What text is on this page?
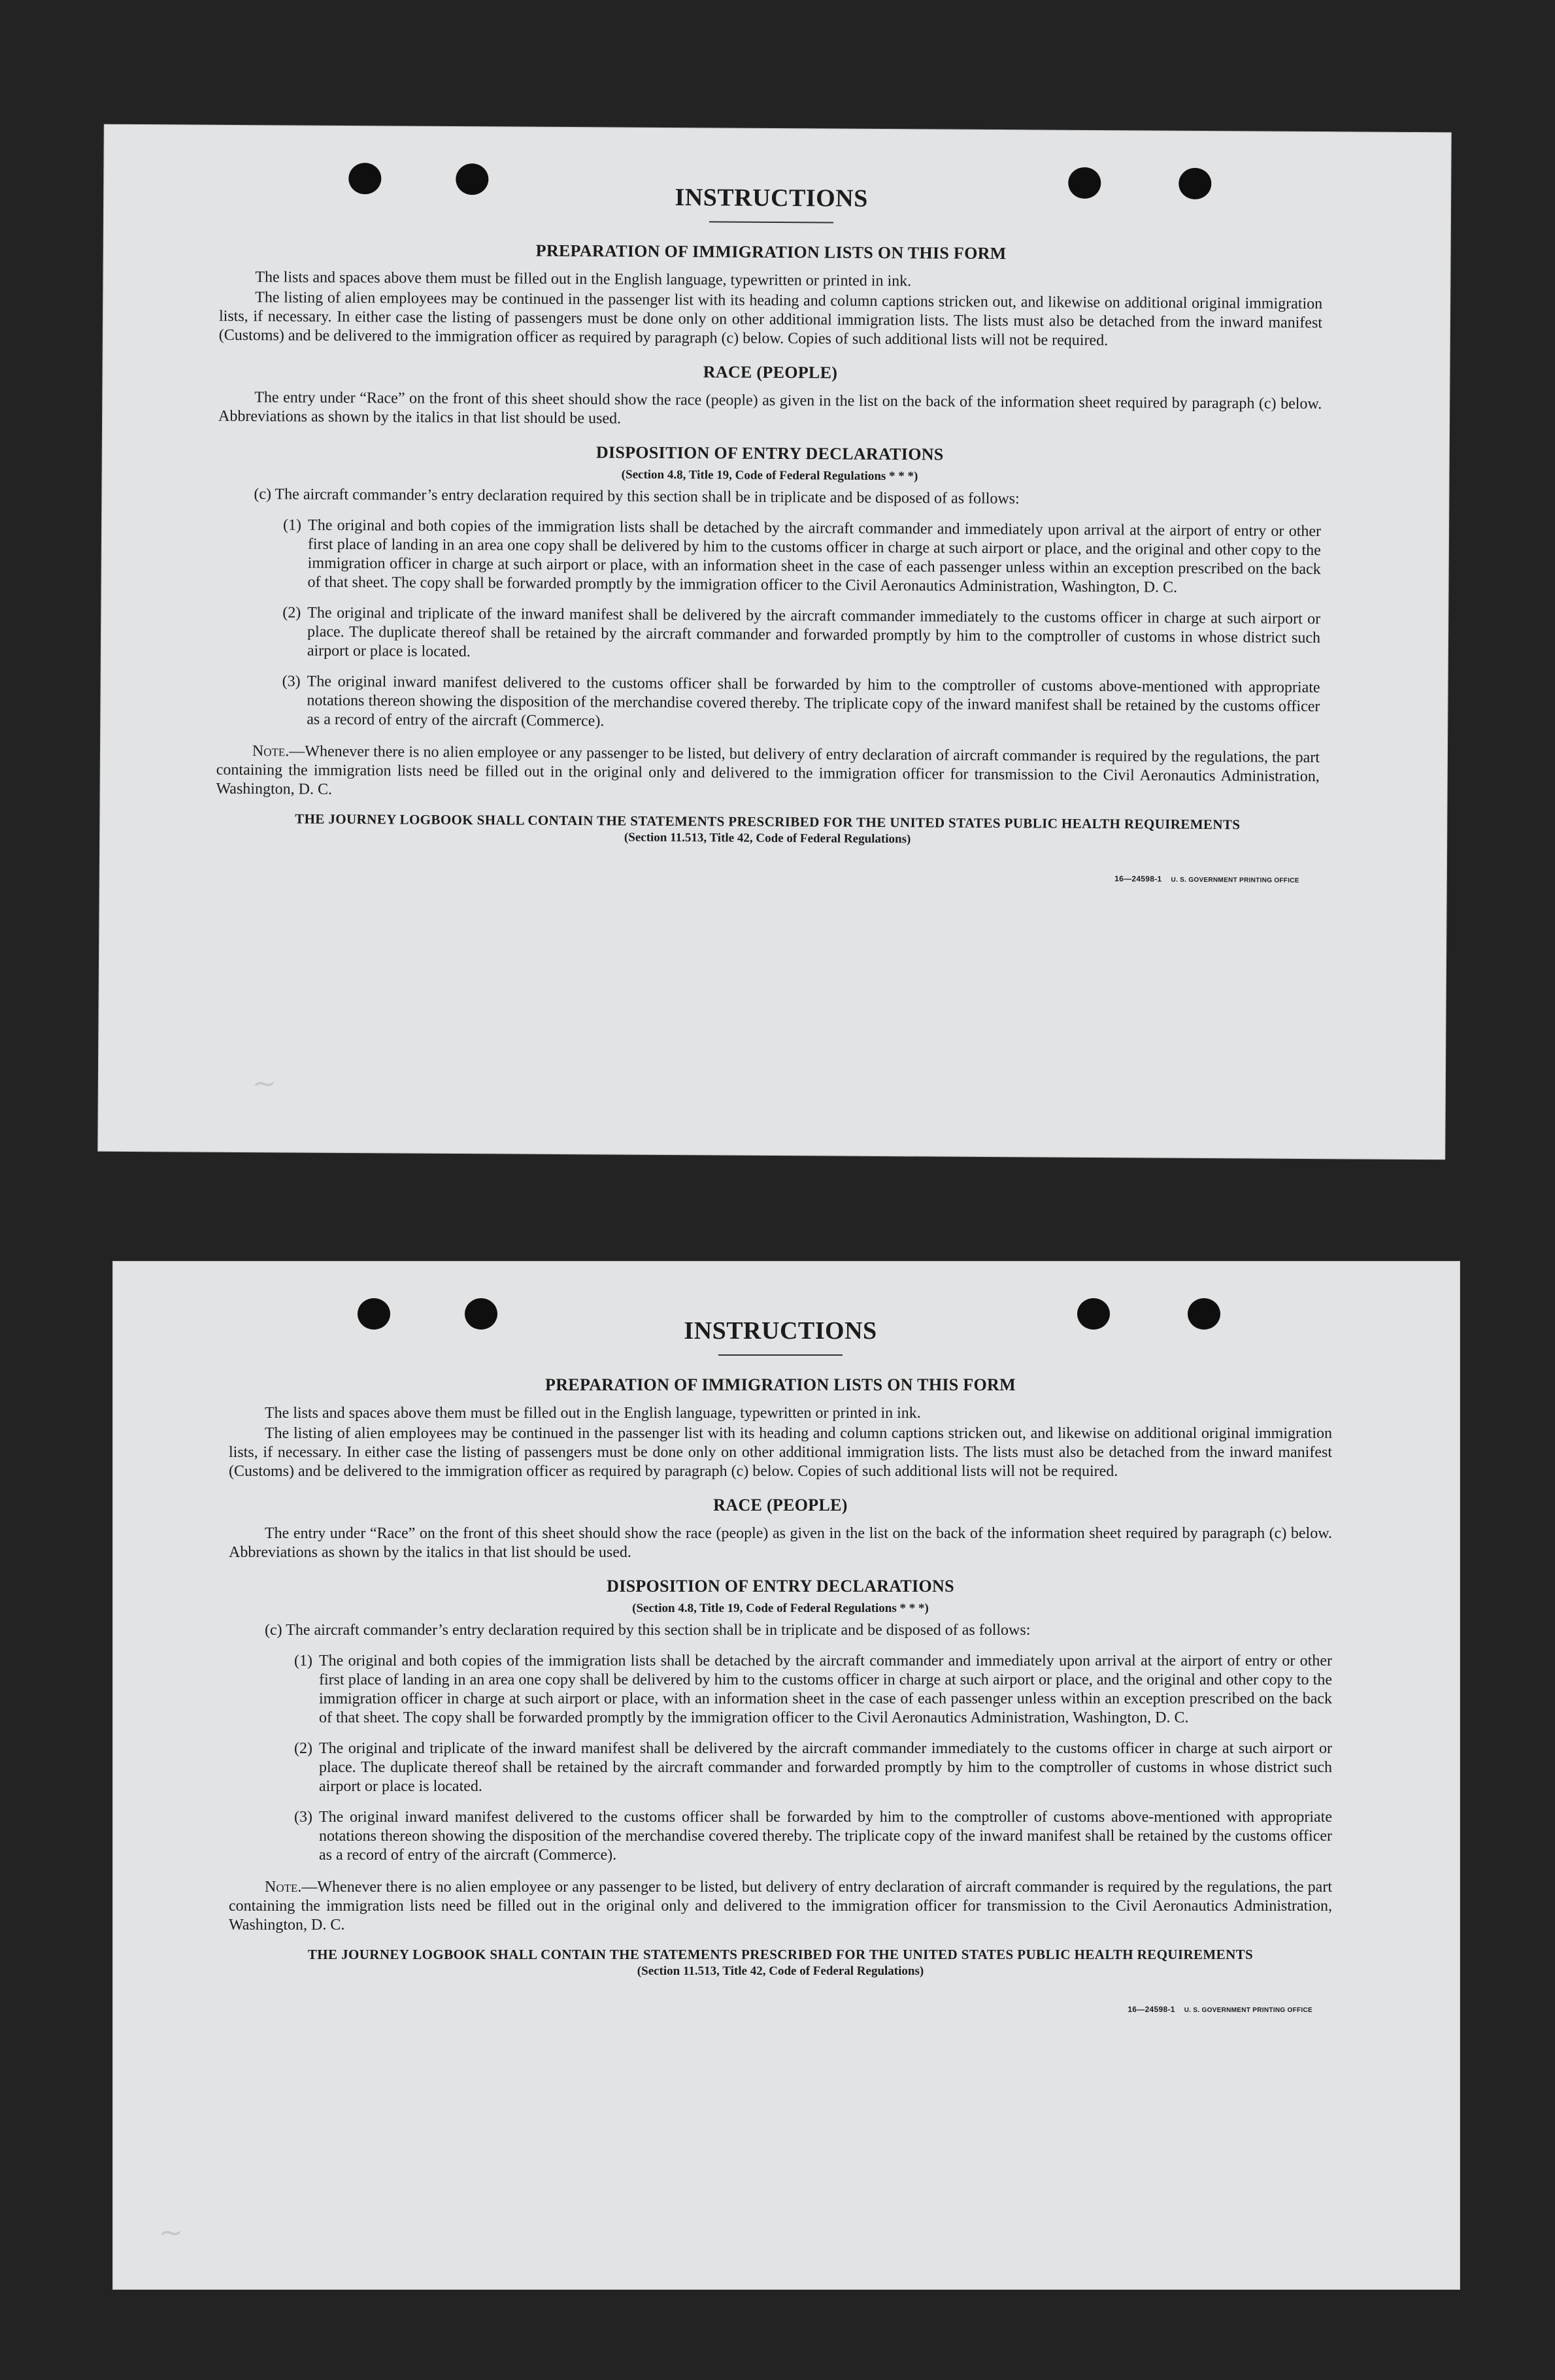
~
INSTRUCTIONS
PREPARATION OF IMMIGRATION LISTS ON THIS FORM

The lists and spaces above them must be filled out in the English language, typewritten or printed in ink.

The listing of alien employees may be continued in the passenger list with its heading and column captions stricken out, and likewise on additional original immigration lists, if necessary. In either case the listing of passengers must be done only on other additional immigration lists. The lists must also be detached from the inward manifest (Customs) and be delivered to the immigration officer as required by paragraph (c) below. Copies of such additional lists will not be required.

RACE (PEOPLE)

The entry under “Race” on the front of this sheet should show the race (people) as given in the list on the back of the information sheet required by paragraph (c) below. Abbreviations as shown by the italics in that list should be used.

DISPOSITION OF ENTRY DECLARATIONS
(Section 4.8, Title 19, Code of Federal Regulations * * *)

(c) The aircraft commander’s entry declaration required by this section shall be in triplicate and be disposed of as follows:

(1) The original and both copies of the immigration lists shall be detached by the aircraft commander and immediately upon arrival at the airport of entry or other first place of landing in an area one copy shall be delivered by him to the customs officer in charge at such airport or place, and the original and other copy to the immigration officer in charge at such airport or place, with an information sheet in the case of each passenger unless within an exception prescribed on the back of that sheet. The copy shall be forwarded promptly by the immigration officer to the Civil Aeronautics Administration, Washington, D. C.
(2) The original and triplicate of the inward manifest shall be delivered by the aircraft commander immediately to the customs officer in charge at such airport or place. The duplicate thereof shall be retained by the aircraft commander and forwarded promptly by him to the comptroller of customs in whose district such airport or place is located.
(3) The original inward manifest delivered to the customs officer shall be forwarded by him to the comptroller of customs above-mentioned with appropriate notations thereon showing the disposition of the merchandise covered thereby. The triplicate copy of the inward manifest shall be retained by the customs officer as a record of entry of the aircraft (Commerce).

Note.—Whenever there is no alien employee or any passenger to be listed, but delivery of entry declaration of aircraft commander is required by the regulations, the part containing the immigration lists need be filled out in the original only and delivered to the immigration officer for transmission to the Civil Aeronautics Administration, Washington, D. C.

THE JOURNEY LOGBOOK SHALL CONTAIN THE STATEMENTS PRESCRIBED FOR THE UNITED STATES PUBLIC HEALTH REQUIREMENTS
(Section 11.513, Title 42, Code of Federal Regulations)
16—24598-1 U. S. GOVERNMENT PRINTING OFFICE
~
INSTRUCTIONS
PREPARATION OF IMMIGRATION LISTS ON THIS FORM

The lists and spaces above them must be filled out in the English language, typewritten or printed in ink.

The listing of alien employees may be continued in the passenger list with its heading and column captions stricken out, and likewise on additional original immigration lists, if necessary. In either case the listing of passengers must be done only on other additional immigration lists. The lists must also be detached from the inward manifest (Customs) and be delivered to the immigration officer as required by paragraph (c) below. Copies of such additional lists will not be required.

RACE (PEOPLE)

The entry under “Race” on the front of this sheet should show the race (people) as given in the list on the back of the information sheet required by paragraph (c) below. Abbreviations as shown by the italics in that list should be used.

DISPOSITION OF ENTRY DECLARATIONS
(Section 4.8, Title 19, Code of Federal Regulations * * *)

(c) The aircraft commander’s entry declaration required by this section shall be in triplicate and be disposed of as follows:

(1) The original and both copies of the immigration lists shall be detached by the aircraft commander and immediately upon arrival at the airport of entry or other first place of landing in an area one copy shall be delivered by him to the customs officer in charge at such airport or place, and the original and other copy to the immigration officer in charge at such airport or place, with an information sheet in the case of each passenger unless within an exception prescribed on the back of that sheet. The copy shall be forwarded promptly by the immigration officer to the Civil Aeronautics Administration, Washington, D. C.
(2) The original and triplicate of the inward manifest shall be delivered by the aircraft commander immediately to the customs officer in charge at such airport or place. The duplicate thereof shall be retained by the aircraft commander and forwarded promptly by him to the comptroller of customs in whose district such airport or place is located.
(3) The original inward manifest delivered to the customs officer shall be forwarded by him to the comptroller of customs above-mentioned with appropriate notations thereon showing the disposition of the merchandise covered thereby. The triplicate copy of the inward manifest shall be retained by the customs officer as a record of entry of the aircraft (Commerce).

Note.—Whenever there is no alien employee or any passenger to be listed, but delivery of entry declaration of aircraft commander is required by the regulations, the part containing the immigration lists need be filled out in the original only and delivered to the immigration officer for transmission to the Civil Aeronautics Administration, Washington, D. C.

THE JOURNEY LOGBOOK SHALL CONTAIN THE STATEMENTS PRESCRIBED FOR THE UNITED STATES PUBLIC HEALTH REQUIREMENTS
(Section 11.513, Title 42, Code of Federal Regulations)
16—24598-1 U. S. GOVERNMENT PRINTING OFFICE
